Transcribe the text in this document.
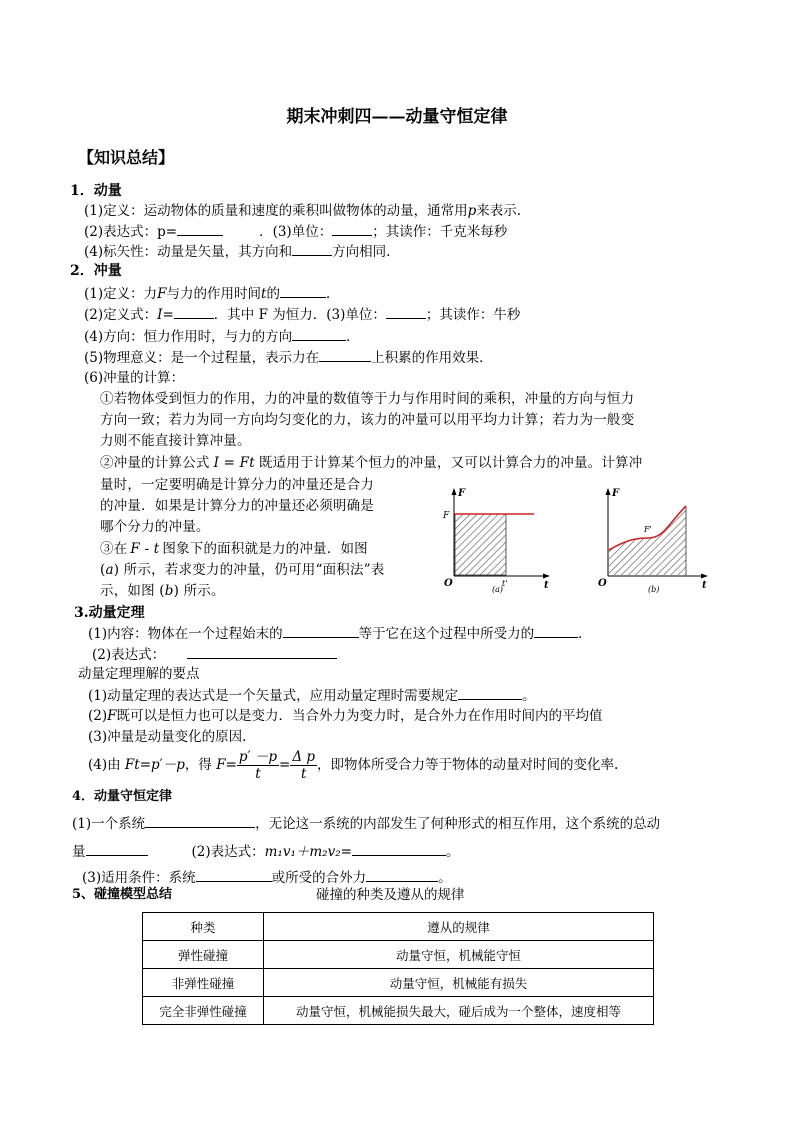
期末冲刺四——动量守恒定律
【知识总结】
1．动量
(1)定义：运动物体的质量和速度的乘积叫做物体的动量，通常用p来表示.
(2)表达式：p=	．(3)单位：	；其读作：千克米每秒
(4)标矢性：动量是矢量，其方向和	方向相同.
2．冲量
(1)定义：力F与力的作用时间t的	．
(2)定义式：I=	．其中 F 为恒力．(3)单位：	；其读作：牛秒
(4)方向：恒力作用时，与力的方向	．
(5)物理意义：是一个过程量，表示力在	上积累的作用效果．
(6)冲量的计算：
①若物体受到恒力的作用，力的冲量的数值等于力与作用时间的乘积，冲量的方向与恒力
方向一致；若力为同一方向均匀变化的力，该力的冲量可以用平均力计算；若力为一般变
力则不能直接计算冲量。
②冲量的计算公式 I = Ft 既适用于计算某个恒力的冲量，又可以计算合力的冲量。计算冲
量时，一定要明确是计算分力的冲量还是合力
的冲量．如果是计算分力的冲量还必须明确是
哪个分力的冲量。
③在 F - t 图象下的面积就是力的冲量．如图
(a) 所示，若求变力的冲量，仍可用“面积法”表
示，如图 (b) 所示。
F
F
O	t'	t
(a)
F
F'
O	t
(b)
3.动量定理
(1)内容：物体在一个过程始末的	等于它在这个过程中所受力的	．
(2)表达式：
动量定理理解的要点
(1)动量定理的表达式是一个矢量式，应用动量定理时需要规定	。
(2)F既可以是恒力也可以是变力．当合外力为变力时，是合外力在作用时间内的平均值
(3)冲量是动量变化的原因.
(4)由 Ft=p′－p，得 $F= \frac{p' -p}{t} = \frac{\text{Δ p}}{t}$ ，即物体所受合力等于物体的动量对时间的变化率.
4．动量守恒定律
(1)一个系统	，无论这一系统的内部发生了何种形式的相互作用，这个系统的总动
量	(2)表达式：m₁v₁＋m₂v₂=	。
(3)适用条件：系统	或所受的合外力	。
5、碰撞模型总结	碰撞的种类及遵从的规律
种类	遵从的规律
弹性碰撞	动量守恒，机械能守恒
非弹性碰撞	动量守恒，机械能有损失
完全非弹性碰撞	动量守恒，机械能损失最大，碰后成为一个整体，速度相等
